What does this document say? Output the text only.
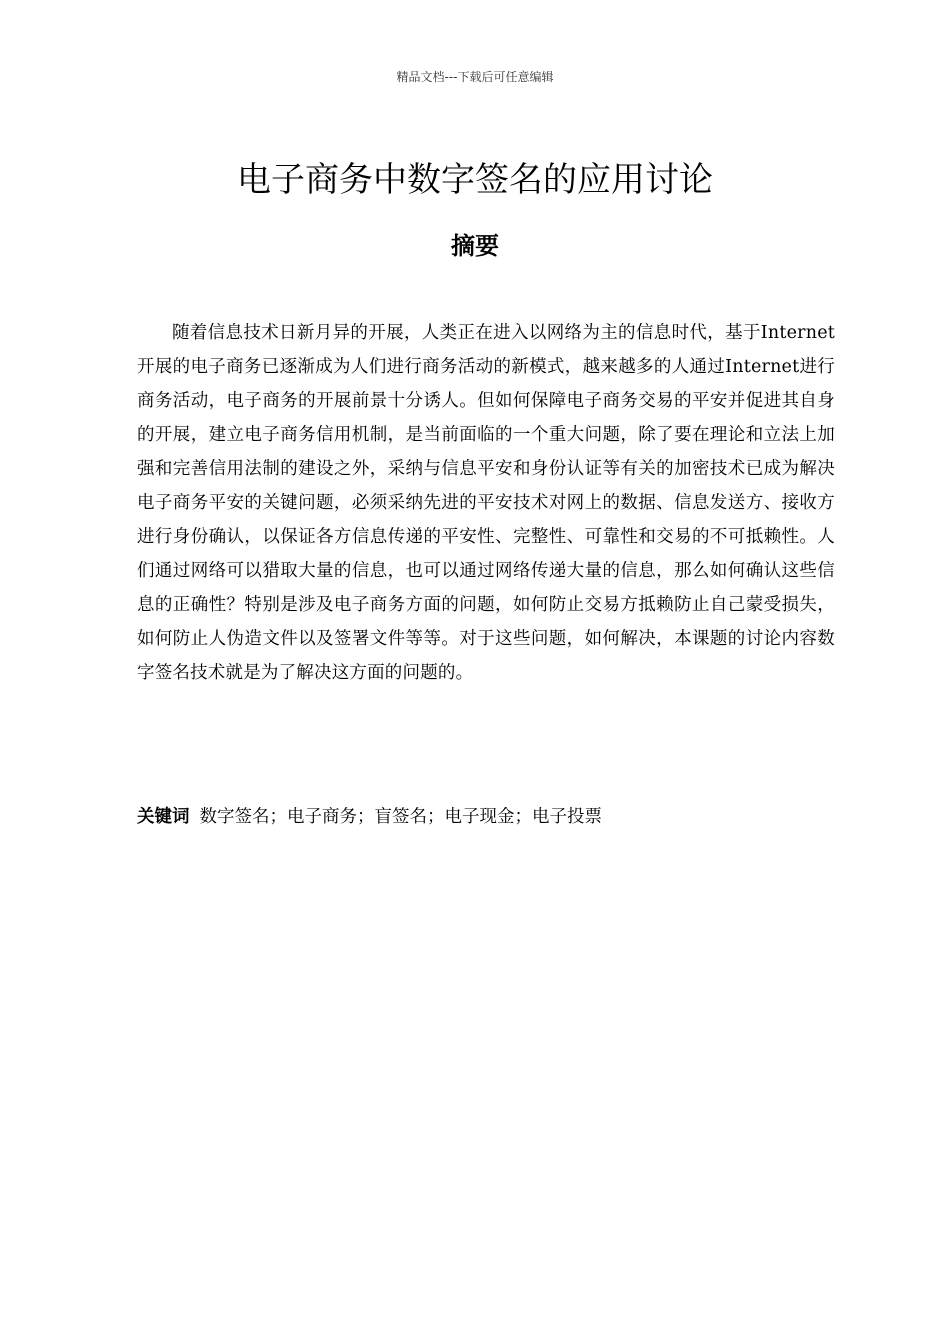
精品文档---下载后可任意编辑
电子商务中数字签名的应用讨论
摘要

随着信息技术日新月异的开展，人类正在进入以网络为主的信息时代，基于Internet开展的电子商务已逐渐成为人们进行商务活动的新模式，越来越多的人通过Internet进行商务活动，电子商务的开展前景十分诱人。但如何保障电子商务交易的平安并促进其自身的开展，建立电子商务信用机制，是当前面临的一个重大问题，除了要在理论和立法上加强和完善信用法制的建设之外，采纳与信息平安和身份认证等有关的加密技术已成为解决电子商务平安的关键问题，必须采纳先进的平安技术对网上的数据、信息发送方、接收方进行身份确认，以保证各方信息传递的平安性、完整性、可靠性和交易的不可抵赖性。人们通过网络可以猎取大量的信息，也可以通过网络传递大量的信息，那么如何确认这些信息的正确性？特别是涉及电子商务方面的问题，如何防止交易方抵赖防止自己蒙受损失，如何防止人伪造文件以及签署文件等等。对于这些问题，如何解决，本课题的讨论内容数字签名技术就是为了解决这方面的问题的。

关键词 数字签名；电子商务；盲签名；电子现金；电子投票
